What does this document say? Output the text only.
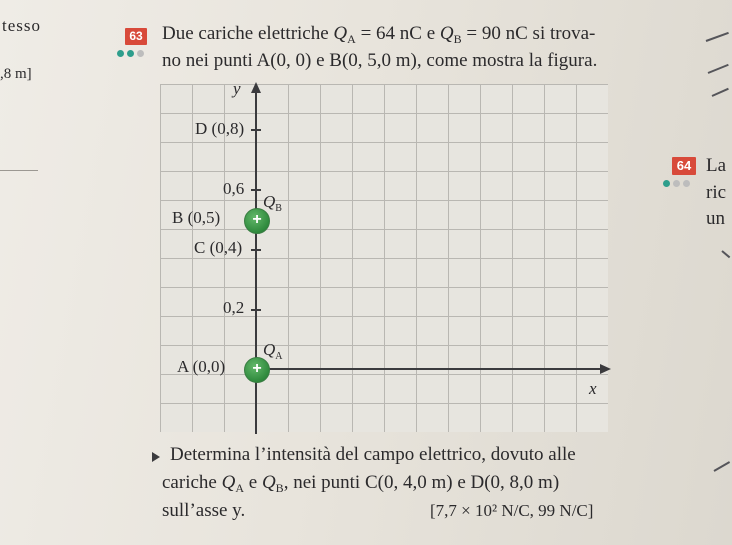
tesso
,8 m]
63 Due cariche elettriche $Q_A = 64$ nC e $Q_B = 90$ nC si trova-
no nei punti A(0, 0) e B(0, 5,0 m), come mostra la figura.
y
x
D (0,8)
0,6
B (0,5)
C (0,4)
0,2
A (0,0)
+
+
$Q_B$
$Q_A$
Determina l’intensità del campo elettrico, dovuto alle
cariche $Q_A$ e $Q_B$, nei punti C(0, 4,0 m) e D(0, 8,0 m)
sull’asse y.	[7,7 × 10² N/C, 99 N/C]
64 La
ric
un
